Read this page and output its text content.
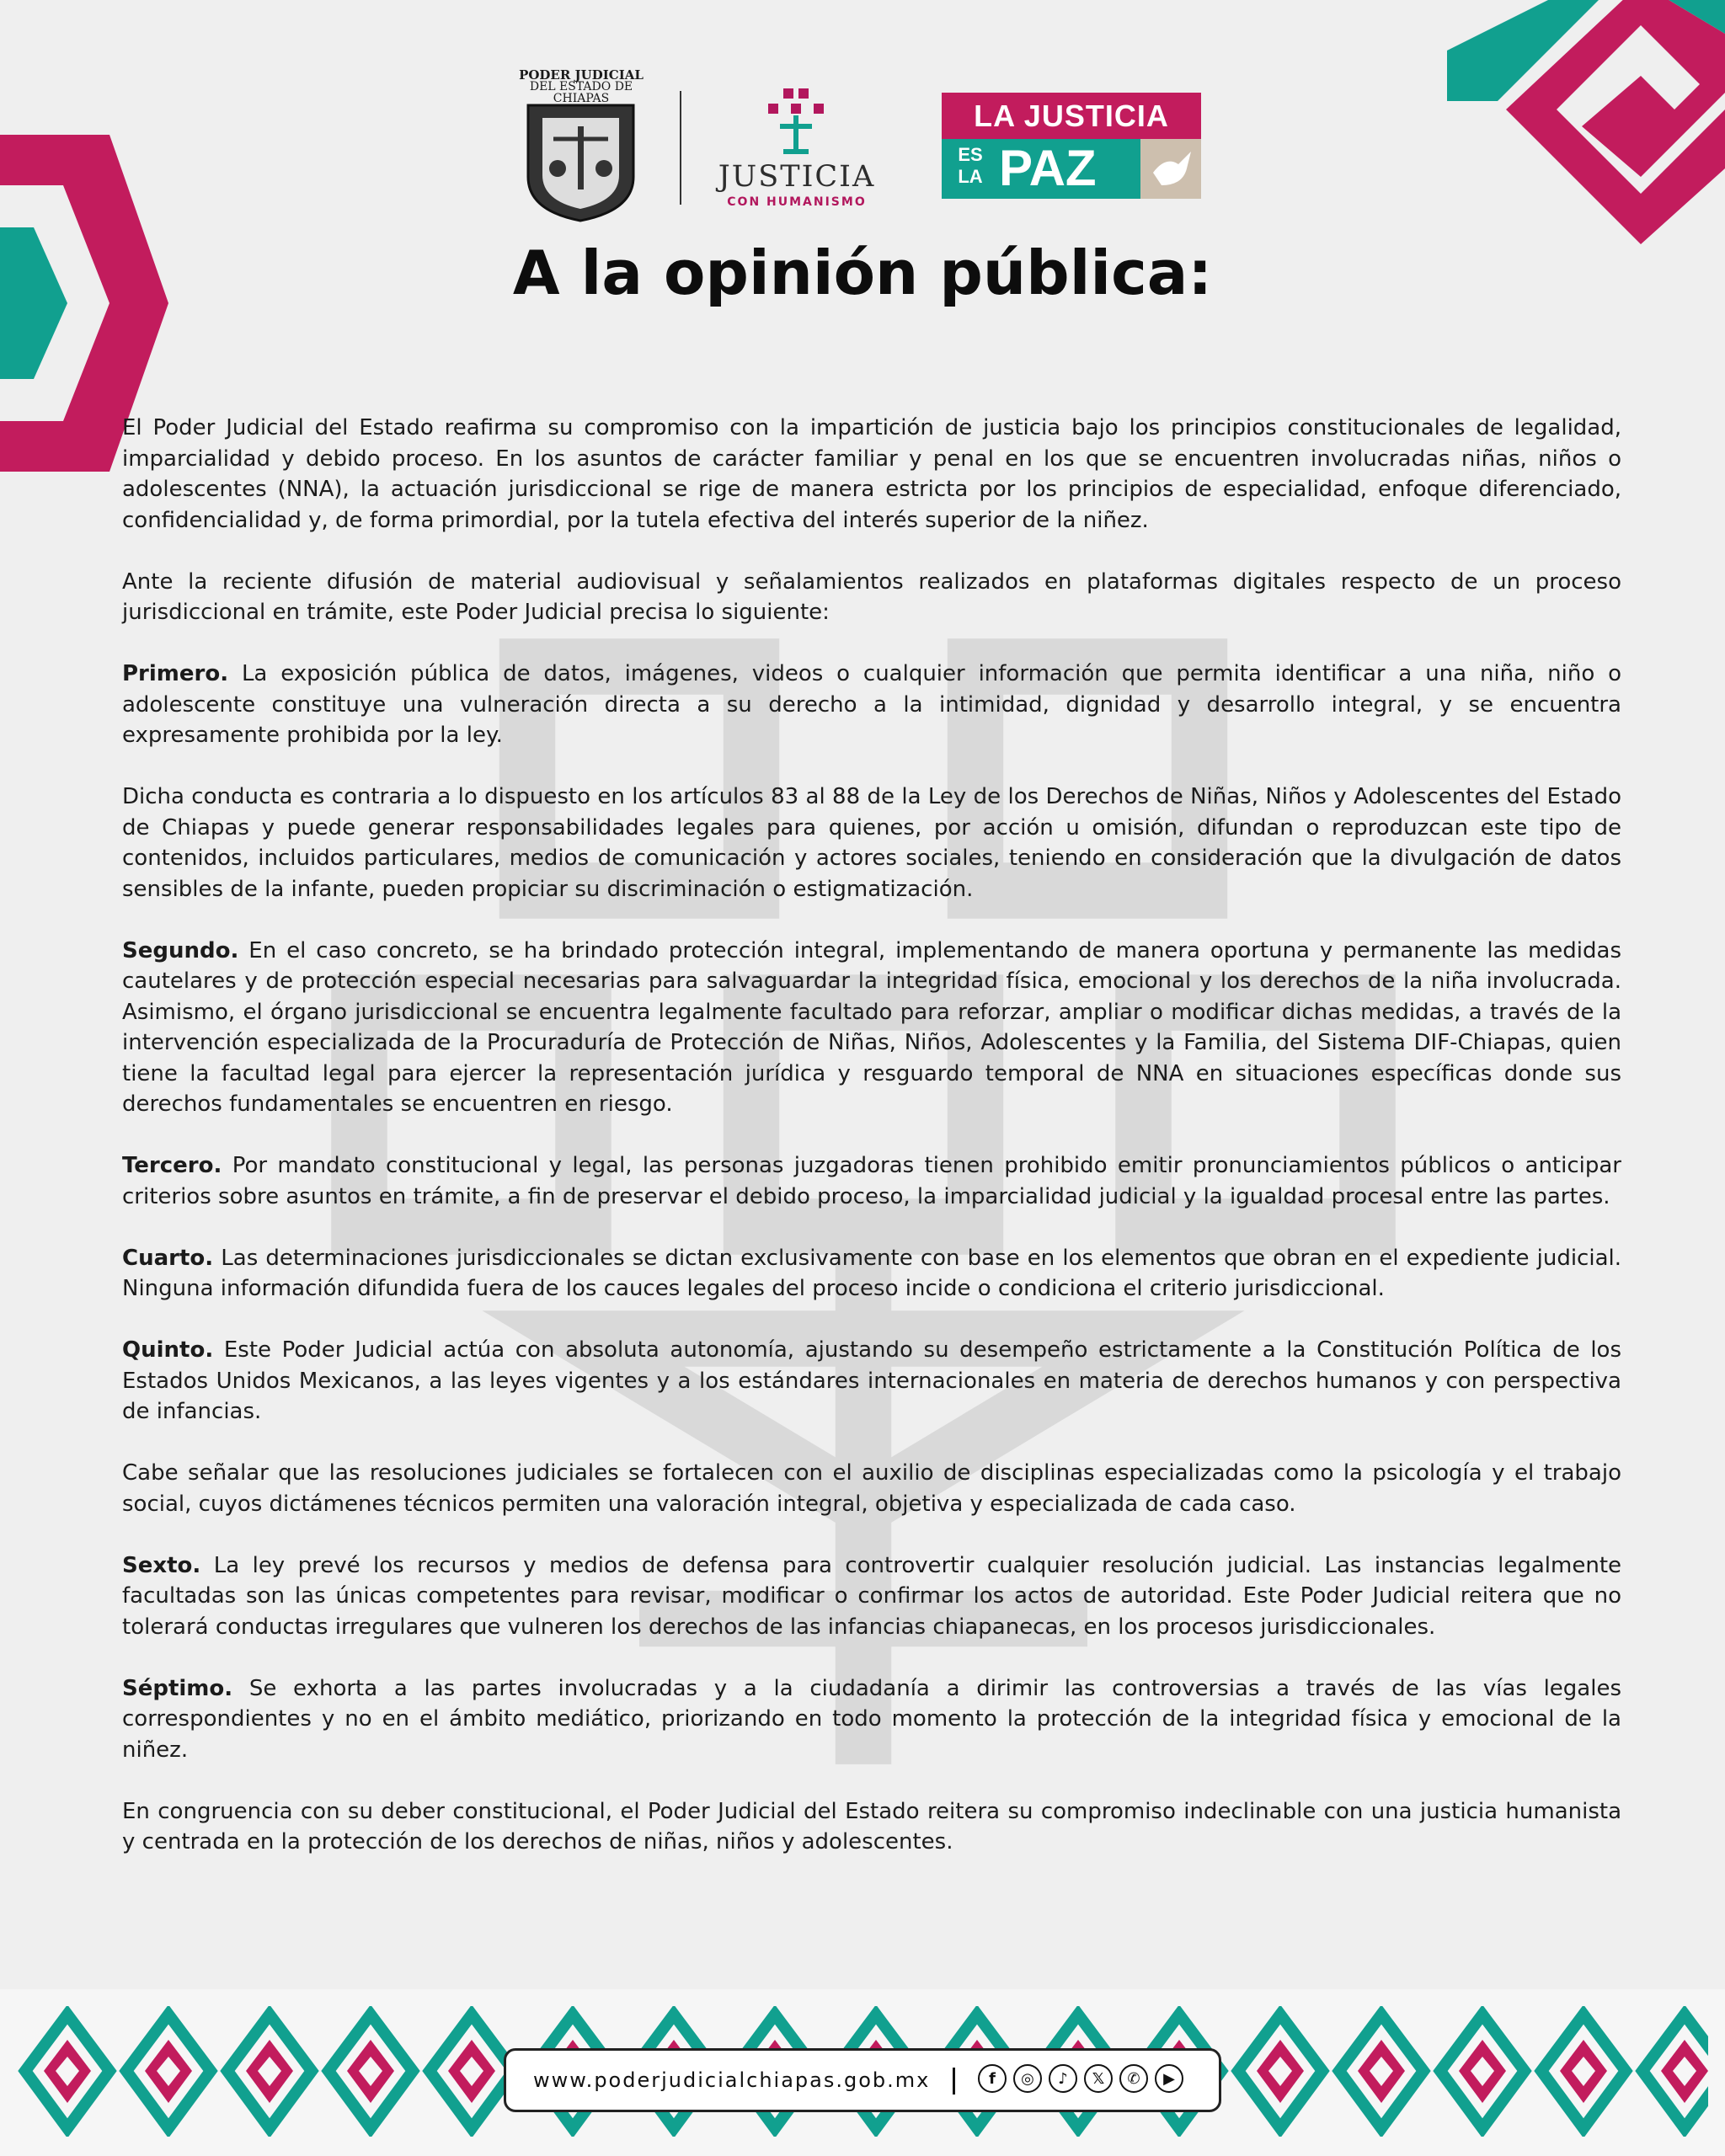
PODER JUDICIAL
DEL ESTADO DE CHIAPAS
JUSTICIA
CON HUMANISMO
LA JUSTICIA
ES LA PAZ
A la opinión pública:

El Poder Judicial del Estado reafirma su compromiso con la impartición de justicia bajo los principios constitucionales de legalidad, imparcialidad y debido proceso. En los asuntos de carácter familiar y penal en los que se encuentren involucradas niñas, niños o adolescentes (NNA), la actuación jurisdiccional se rige de manera estricta por los principios de especialidad, enfoque diferenciado, confidencialidad y, de forma primordial, por la tutela efectiva del interés superior de la niñez.

Ante la reciente difusión de material audiovisual y señalamientos realizados en plataformas digitales respecto de un proceso jurisdiccional en trámite, este Poder Judicial precisa lo siguiente:

Primero. La exposición pública de datos, imágenes, videos o cualquier información que permita identificar a una niña, niño o adolescente constituye una vulneración directa a su derecho a la intimidad, dignidad y desarrollo integral, y se encuentra expresamente prohibida por la ley.

Dicha conducta es contraria a lo dispuesto en los artículos 83 al 88 de la Ley de los Derechos de Niñas, Niños y Adolescentes del Estado de Chiapas y puede generar responsabilidades legales para quienes, por acción u omisión, difundan o reproduzcan este tipo de contenidos, incluidos particulares, medios de comunicación y actores sociales, teniendo en consideración que la divulgación de datos sensibles de la infante, pueden propiciar su discriminación o estigmatización.

Segundo. En el caso concreto, se ha brindado protección integral, implementando de manera oportuna y permanente las medidas cautelares y de protección especial necesarias para salvaguardar la integridad física, emocional y los derechos de la niña involucrada. Asimismo, el órgano jurisdiccional se encuentra legalmente facultado para reforzar, ampliar o modificar dichas medidas, a través de la intervención especializada de la Procuraduría de Protección de Niñas, Niños, Adolescentes y la Familia, del Sistema DIF-Chiapas, quien tiene la facultad legal para ejercer la representación jurídica y resguardo temporal de NNA en situaciones específicas donde sus derechos fundamentales se encuentren en riesgo.

Tercero. Por mandato constitucional y legal, las personas juzgadoras tienen prohibido emitir pronunciamientos públicos o anticipar criterios sobre asuntos en trámite, a fin de preservar el debido proceso, la imparcialidad judicial y la igualdad procesal entre las partes.

Cuarto. Las determinaciones jurisdiccionales se dictan exclusivamente con base en los elementos que obran en el expediente judicial. Ninguna información difundida fuera de los cauces legales del proceso incide o condiciona el criterio jurisdiccional.

Quinto. Este Poder Judicial actúa con absoluta autonomía, ajustando su desempeño estrictamente a la Constitución Política de los Estados Unidos Mexicanos, a las leyes vigentes y a los estándares internacionales en materia de derechos humanos y con perspectiva de infancias.

Cabe señalar que las resoluciones judiciales se fortalecen con el auxilio de disciplinas especializadas como la psicología y el trabajo social, cuyos dictámenes técnicos permiten una valoración integral, objetiva y especializada de cada caso.

Sexto. La ley prevé los recursos y medios de defensa para controvertir cualquier resolución judicial. Las instancias legalmente facultadas son las únicas competentes para revisar, modificar o confirmar los actos de autoridad. Este Poder Judicial reitera que no tolerará conductas irregulares que vulneren los derechos de las infancias chiapanecas, en los procesos jurisdiccionales.

Séptimo. Se exhorta a las partes involucradas y a la ciudadanía a dirimir las controversias a través de las vías legales correspondientes y no en el ámbito mediático, priorizando en todo momento la protección de la integridad física y emocional de la niñez.

En congruencia con su deber constitucional, el Poder Judicial del Estado reitera su compromiso indeclinable con una justicia humanista y centrada en la protección de los derechos de niñas, niños y adolescentes.

www.poderjudicialchiapas.gob.mx	f	◎	♪	𝕏	✆	▶
